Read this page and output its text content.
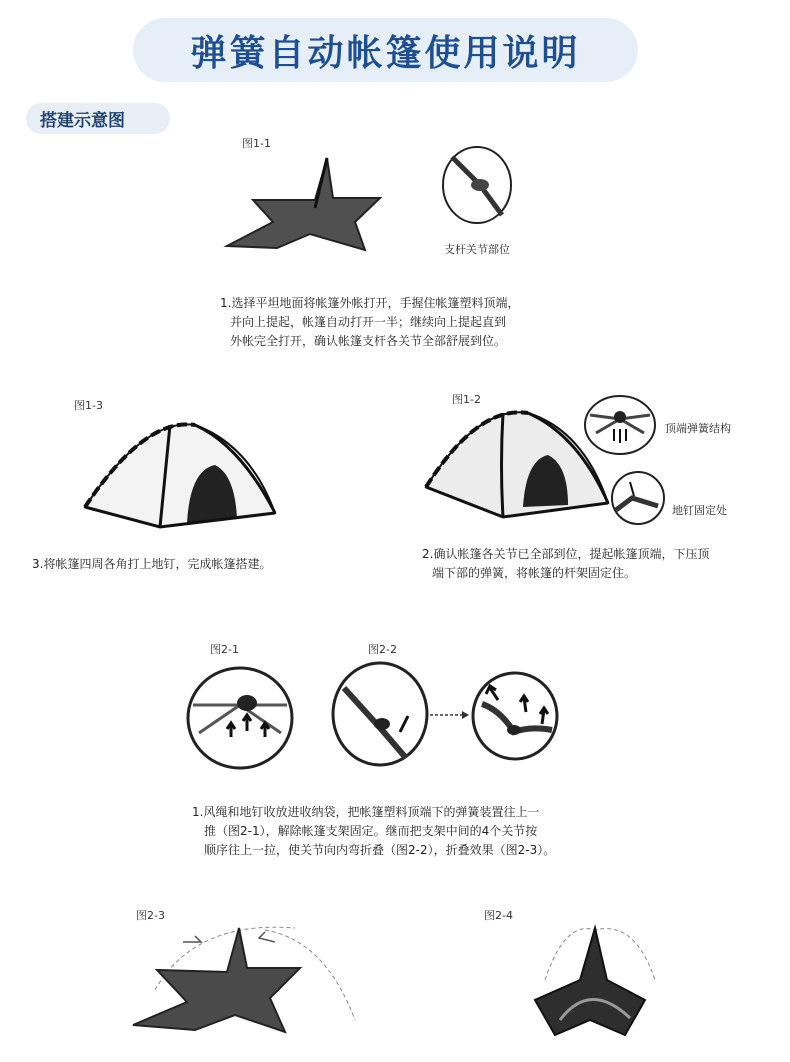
弹簧自动帐篷使用说明
搭建示意图
图1-1
支杆关节部位
1.选择平坦地面将帐篷外帐打开，手握住帐篷塑料顶端，
并向上提起，帐篷自动打开一半；继续向上提起直到
外帐完全打开，确认帐篷支杆各关节全部舒展到位。
图1-3
3.将帐篷四周各角打上地钉，完成帐篷搭建。
图1-2
顶端弹簧结构
地钉固定处
2.确认帐篷各关节已全部到位，提起帐篷顶端，下压顶
端下部的弹簧，将帐篷的杆架固定住。
图2-1	图2-2
1.风绳和地钉收放进收纳袋，把帐篷塑料顶端下的弹簧装置往上一
推（图2-1），解除帐篷支架固定。继而把支架中间的4个关节按
顺序往上一拉，使关节向内弯折叠（图2-2），折叠效果（图2-3）。
图2-3	图2-4
